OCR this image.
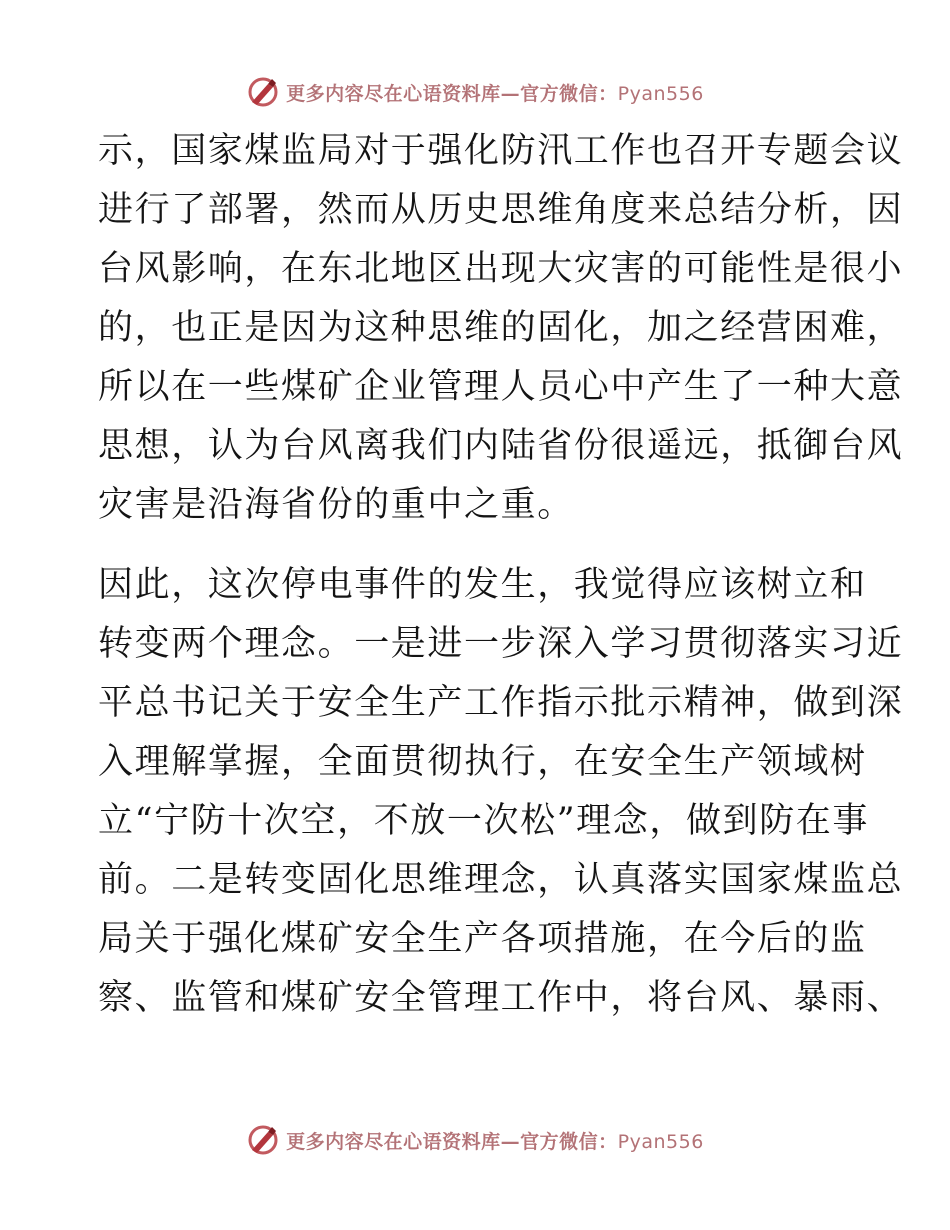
更多内容尽在心语资料库—官方微信：Pyan556
示，国家煤监局对于强化防汛工作也召开专题会议
进行了部署，然而从历史思维角度来总结分析，因
台风影响，在东北地区出现大灾害的可能性是很小
的，也正是因为这种思维的固化，加之经营困难，
所以在一些煤矿企业管理人员心中产生了一种大意
思想，认为台风离我们内陆省份很遥远，抵御台风
灾害是沿海省份的重中之重。
因此，这次停电事件的发生，我觉得应该树立和
转变两个理念。一是进一步深入学习贯彻落实习近
平总书记关于安全生产工作指示批示精神，做到深
入理解掌握，全面贯彻执行，在安全生产领域树
立“宁防十次空，不放一次松”理念，做到防在事
前。二是转变固化思维理念，认真落实国家煤监总
局关于强化煤矿安全生产各项措施，在今后的监
察、监管和煤矿安全管理工作中，将台风、暴雨、
更多内容尽在心语资料库—官方微信：Pyan556
